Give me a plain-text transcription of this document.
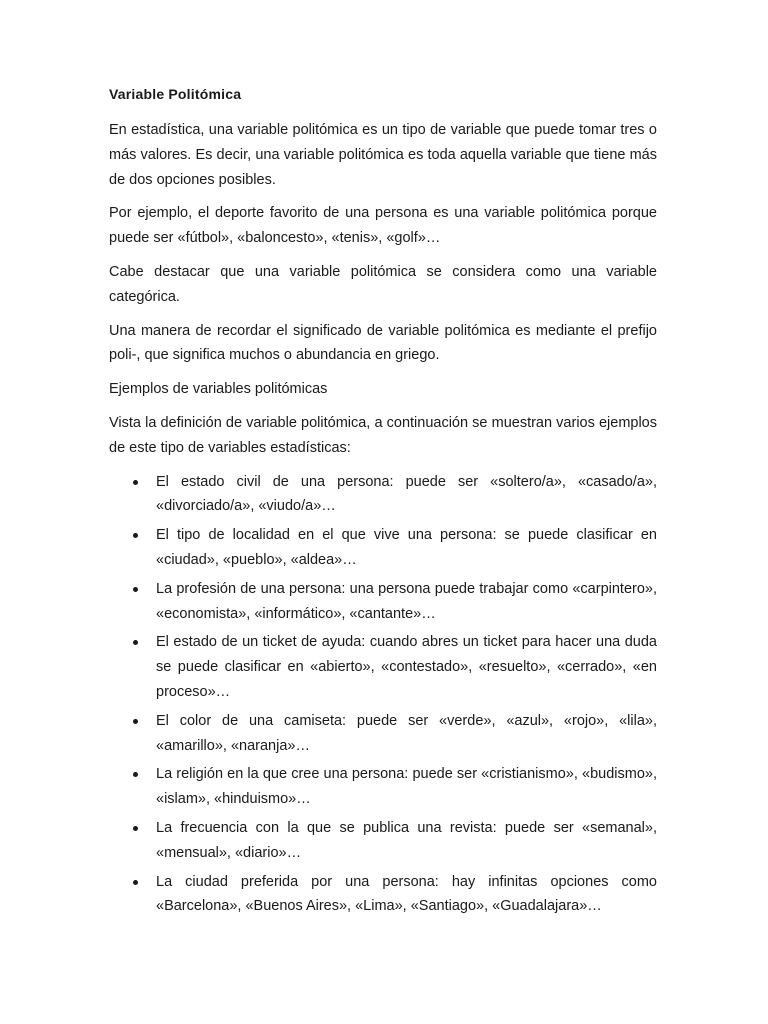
Variable Politómica

En estadística, una variable politómica es un tipo de variable que puede tomar tres o más valores. Es decir, una variable politómica es toda aquella variable que tiene más de dos opciones posibles.

Por ejemplo, el deporte favorito de una persona es una variable politómica porque puede ser «fútbol», «baloncesto», «tenis», «golf»…

Cabe destacar que una variable politómica se considera como una variable categórica.

Una manera de recordar el significado de variable politómica es mediante el prefijo poli-, que significa muchos o abundancia en griego.

Ejemplos de variables politómicas

Vista la definición de variable politómica, a continuación se muestran varios ejemplos de este tipo de variables estadísticas:

El estado civil de una persona: puede ser «soltero/a», «casado/a», «divorciado/a», «viudo/a»…
El tipo de localidad en el que vive una persona: se puede clasificar en «ciudad», «pueblo», «aldea»…
La profesión de una persona: una persona puede trabajar como «carpintero», «economista», «informático», «cantante»…
El estado de un ticket de ayuda: cuando abres un ticket para hacer una duda se puede clasificar en «abierto», «contestado», «resuelto», «cerrado», «en proceso»…
El color de una camiseta: puede ser «verde», «azul», «rojo», «lila», «amarillo», «naranja»…
La religión en la que cree una persona: puede ser «cristianismo», «budismo», «islam», «hinduismo»…
La frecuencia con la que se publica una revista: puede ser «semanal», «mensual», «diario»…
La ciudad preferida por una persona: hay infinitas opciones como «Barcelona», «Buenos Aires», «Lima», «Santiago», «Guadalajara»…
